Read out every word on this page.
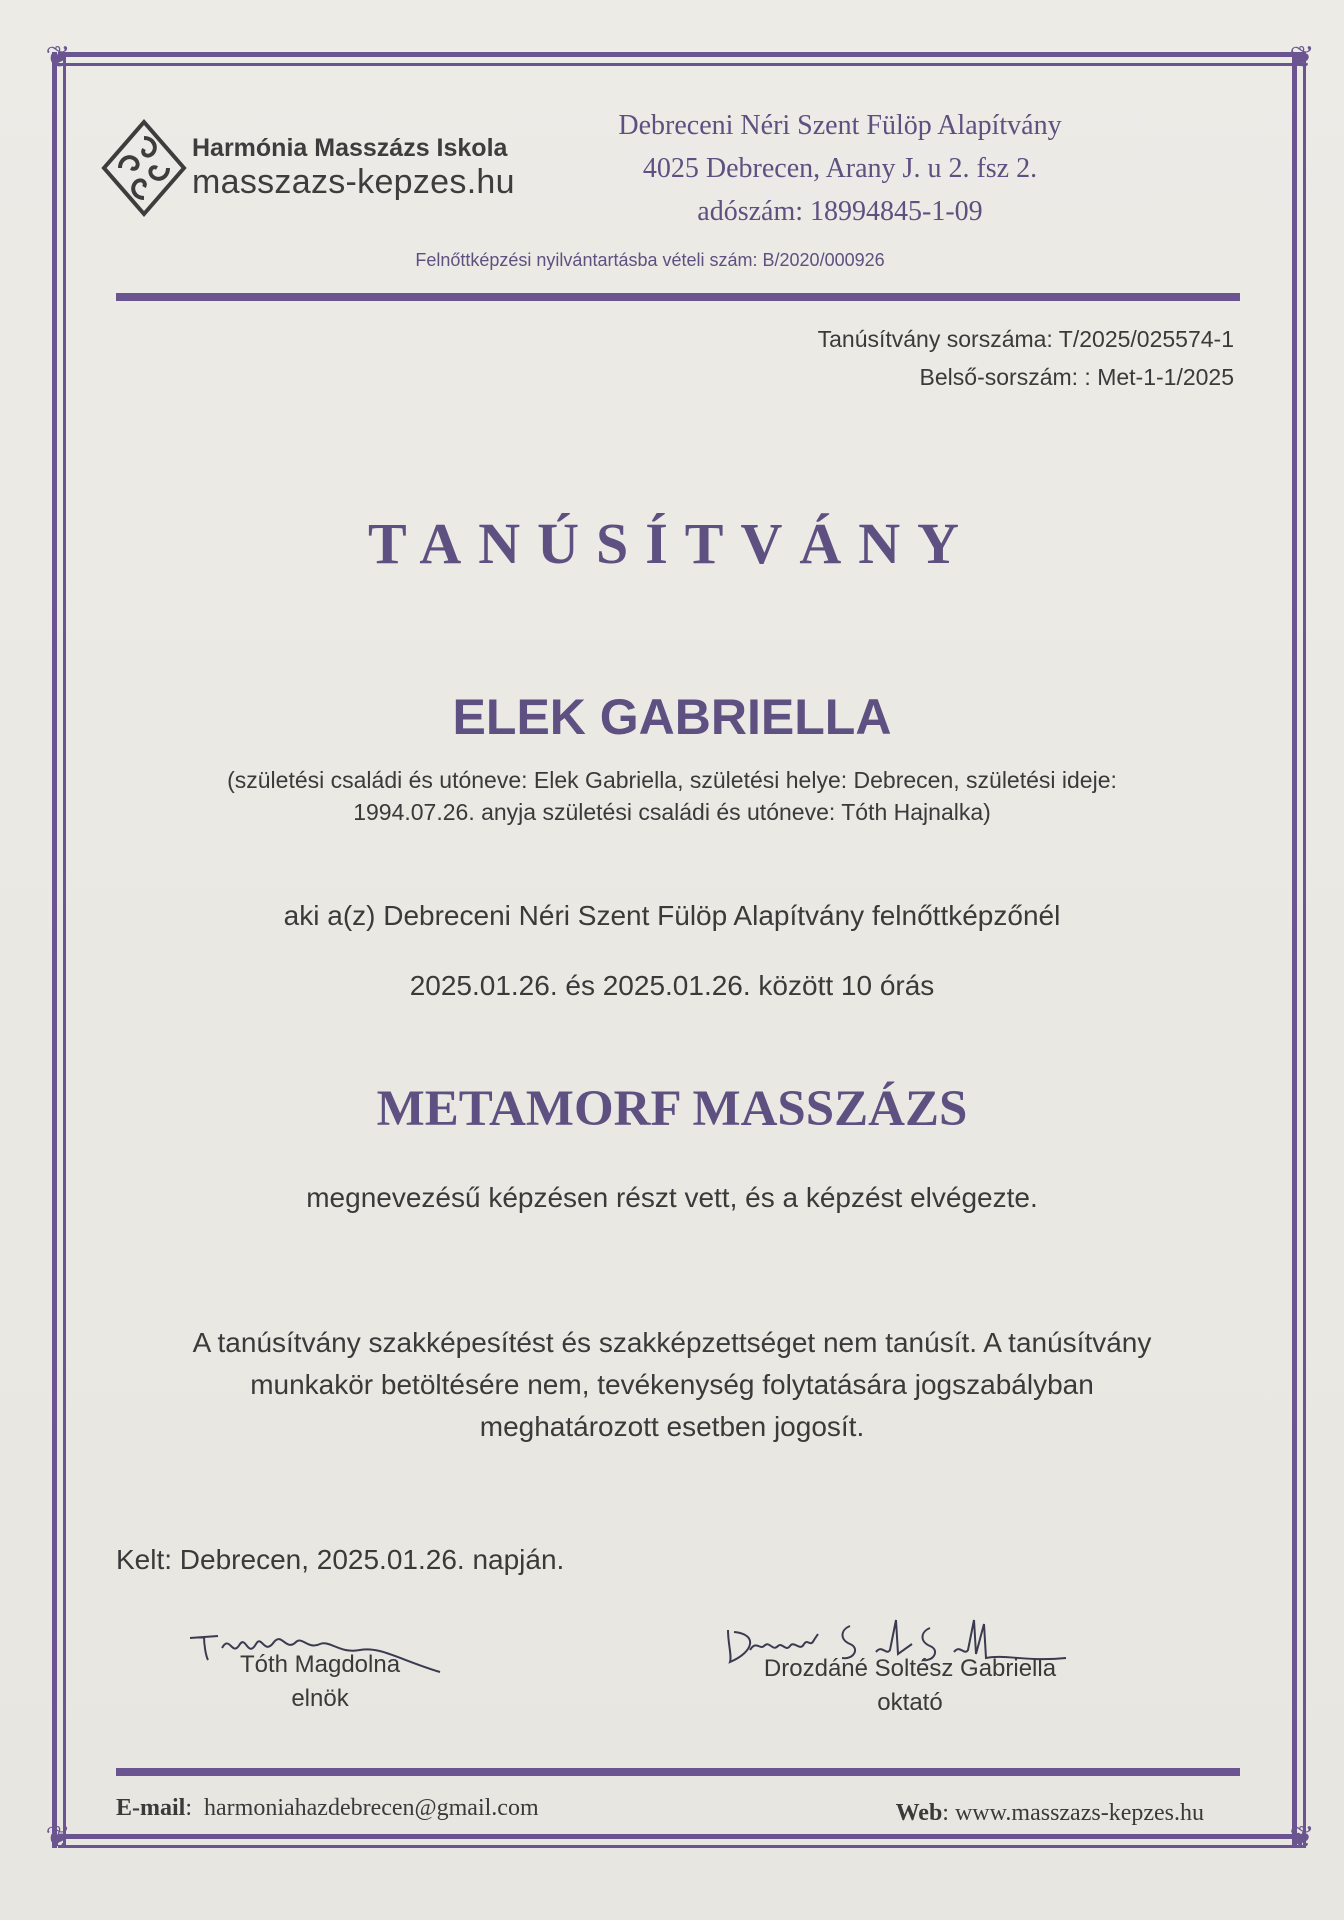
❦	❦
❦	❦
Harmónia Masszázs Iskola
masszazs-kepzes.hu
Debreceni Néri Szent Fülöp Alapítvány
4025 Debrecen, Arany J. u 2. fsz 2.
adószám: 18994845-1-09
Felnőttképzési nyilvántartásba vételi szám: B/2020/000926
Tanúsítvány sorszáma: T/2025/025574-1
Belső-sorszám: : Met-1-1/2025
TANÚSÍTVÁNY
ELEK GABRIELLA
(születési családi és utóneve: Elek Gabriella, születési helye: Debrecen, születési ideje:
1994.07.26. anyja születési családi és utóneve: Tóth Hajnalka)
aki a(z) Debreceni Néri Szent Fülöp Alapítvány felnőttképzőnél
2025.01.26. és 2025.01.26. között 10 órás
METAMORF MASSZÁZS
megnevezésű képzésen részt vett, és a képzést elvégezte.
A tanúsítvány szakképesítést és szakképzettséget nem tanúsít. A tanúsítvány
munkakör betöltésére nem, tevékenység folytatására jogszabályban
meghatározott esetben jogosít.
Kelt: Debrecen, 2025.01.26. napján.
Tóth Magdolna
elnök
Drozdáné Soltész Gabriella
oktató
E-mail:  harmoniahazdebrecen@gmail.com	Web: www.masszazs-kepzes.hu
